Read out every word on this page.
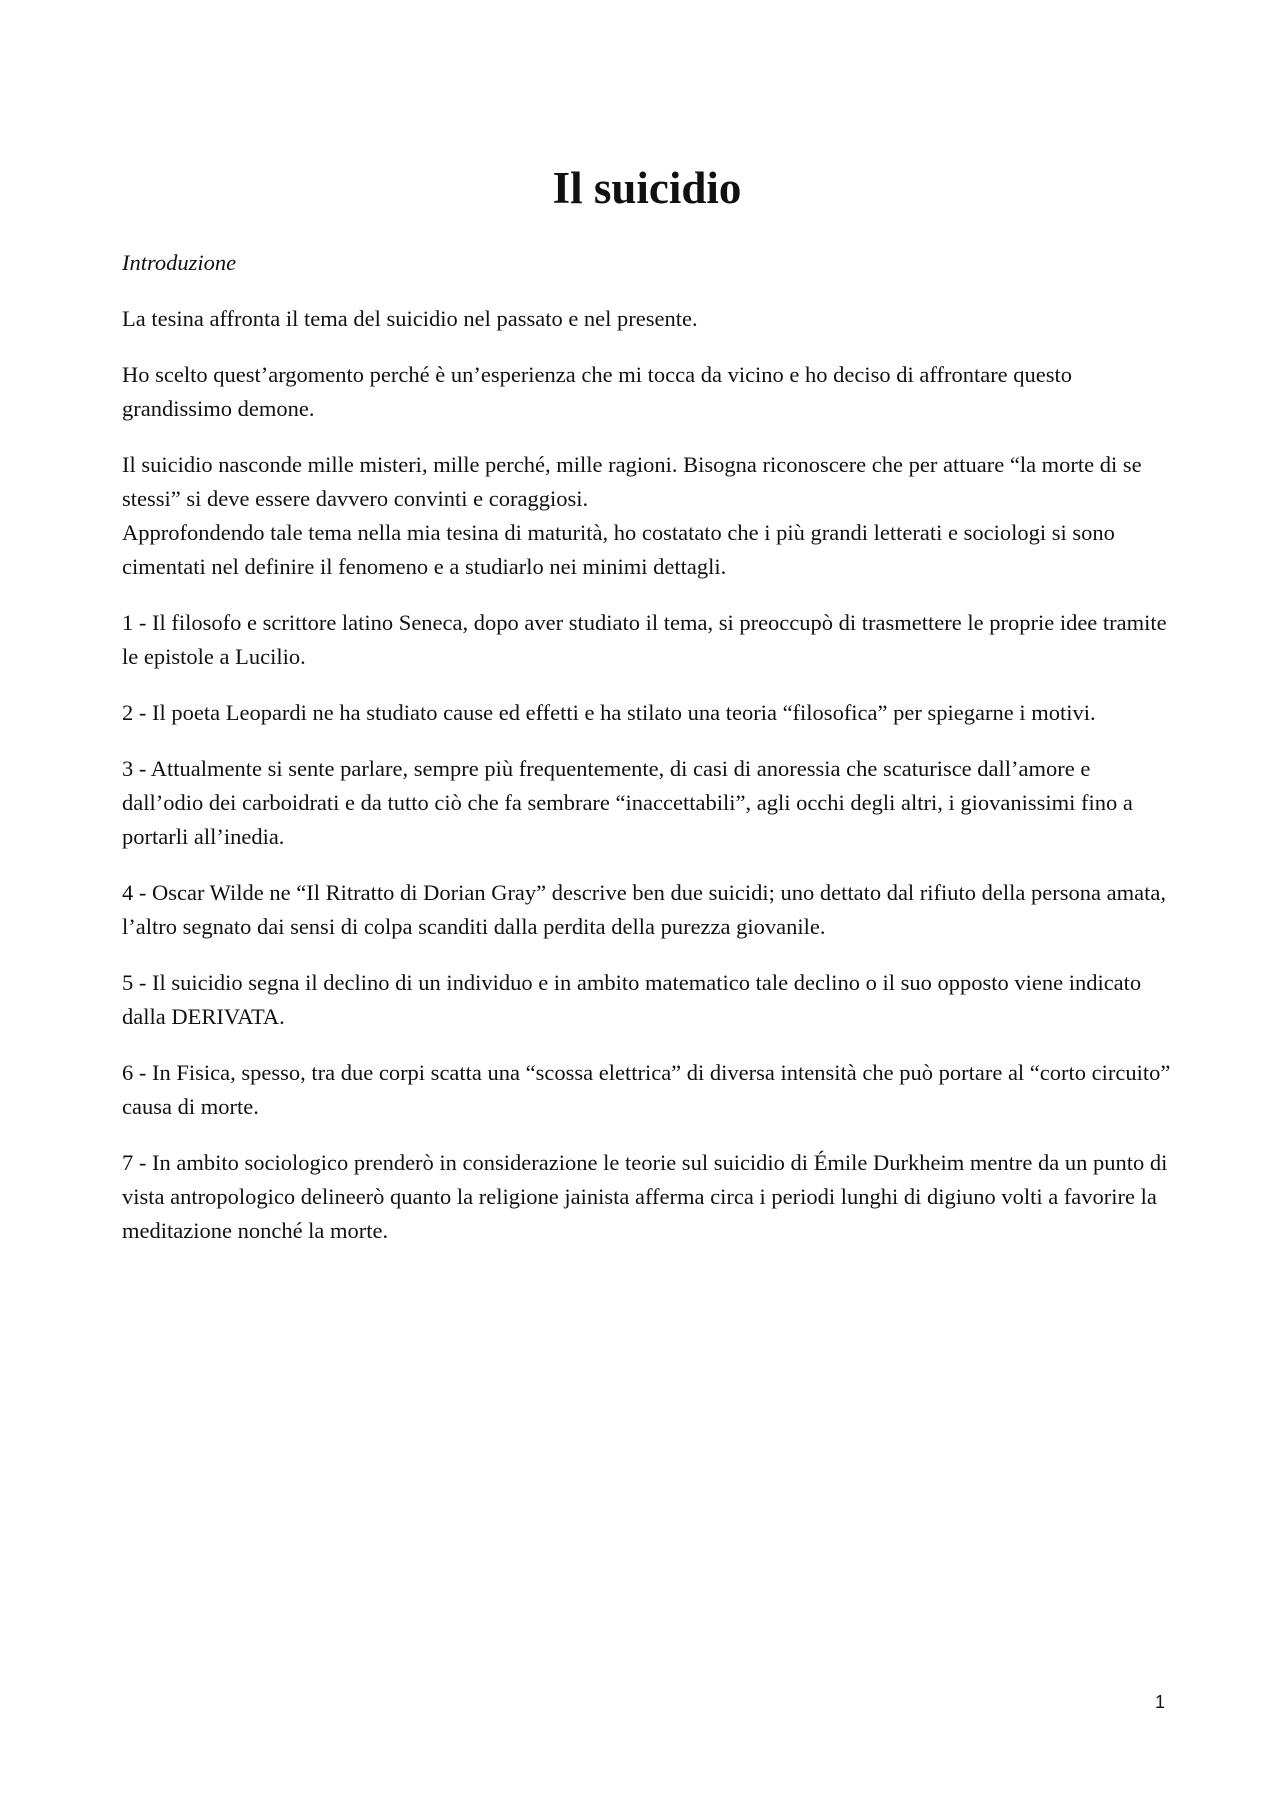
Il suicidio

Introduzione

La tesina affronta il tema del suicidio nel passato e nel presente.

Ho scelto quest’argomento perché è un’esperienza che mi tocca da vicino e ho deciso di affrontare questo grandissimo demone.

Il suicidio nasconde mille misteri, mille perché, mille ragioni. Bisogna riconoscere che per attuare “la morte di se stessi” si deve essere davvero convinti e coraggiosi.

Approfondendo tale tema nella mia tesina di maturità, ho costatato che i più grandi letterati e sociologi si sono cimentati nel definire il fenomeno e a studiarlo nei minimi dettagli.

1 - Il filosofo e scrittore latino Seneca, dopo aver studiato il tema, si preoccupò di trasmettere le proprie idee tramite le epistole a Lucilio.

2 - Il poeta Leopardi ne ha studiato cause ed effetti e ha stilato una teoria “filosofica” per spiegarne i motivi.

3 - Attualmente si sente parlare, sempre più frequentemente, di casi di anoressia che scaturisce dall’amore e dall’odio dei carboidrati e da tutto ciò che fa sembrare “inaccettabili”, agli occhi degli altri, i giovanissimi fino a portarli all’inedia.

4 - Oscar Wilde ne “Il Ritratto di Dorian Gray” descrive ben due suicidi; uno dettato dal rifiuto della persona amata, l’altro segnato dai sensi di colpa scanditi dalla perdita della purezza giovanile.

5 - Il suicidio segna il declino di un individuo e in ambito matematico tale declino o il suo opposto viene indicato dalla DERIVATA.

6 - In Fisica, spesso, tra due corpi scatta una “scossa elettrica” di diversa intensità che può portare al “corto circuito” causa di morte.

7 - In ambito sociologico prenderò in considerazione le teorie sul suicidio di Émile Durkheim mentre da un punto di vista antropologico delineerò quanto la religione jainista afferma circa i periodi lunghi di digiuno volti a favorire la meditazione nonché la morte.

1
